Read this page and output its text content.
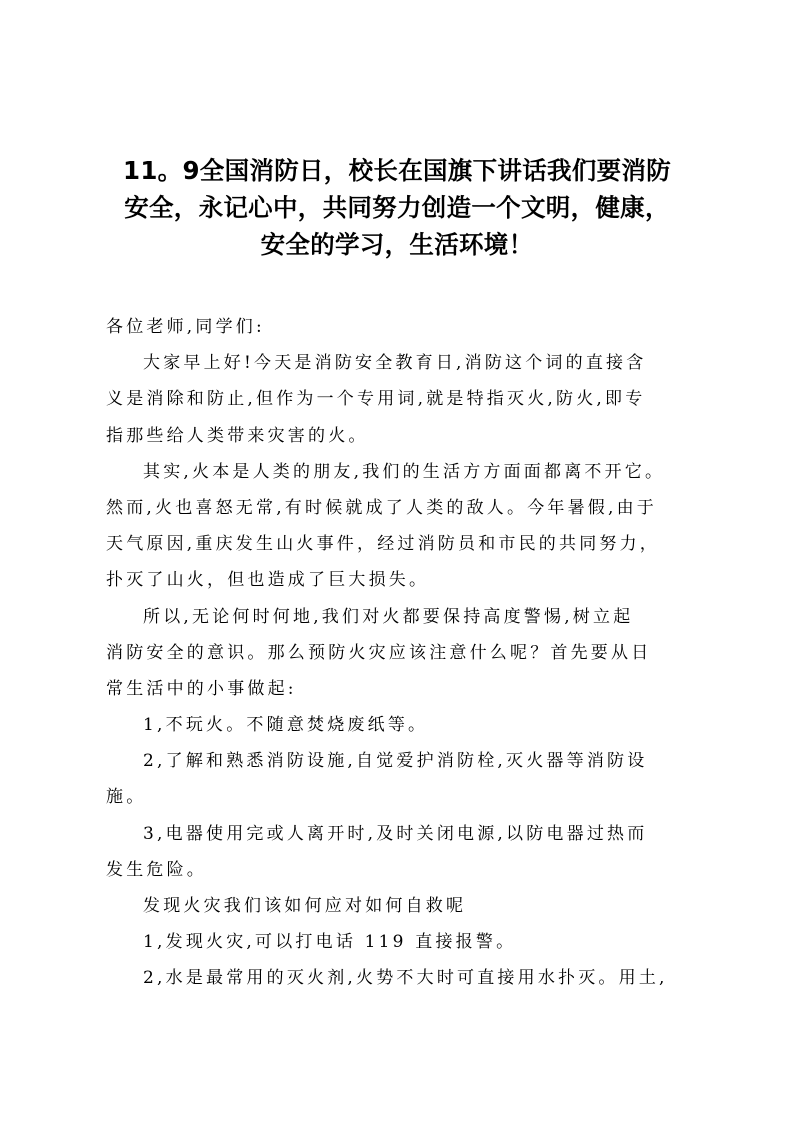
11。9全国消防日，校长在国旗下讲话我们要消防
安全，永记心中，共同努力创造一个文明，健康，
安全的学习，生活环境！
各位老师,同学们:
大家早上好!今天是消防安全教育日,消防这个词的直接含
义是消除和防止,但作为一个专用词,就是特指灭火,防火,即专
指那些给人类带来灾害的火。
其实,火本是人类的朋友,我们的生活方方面面都离不开它。
然而,火也喜怒无常,有时候就成了人类的敌人。今年暑假,由于
天气原因,重庆发生山火事件，经过消防员和市民的共同努力，
扑灭了山火，但也造成了巨大损失。
所以,无论何时何地,我们对火都要保持高度警惕,树立起
消防安全的意识。那么预防火灾应该注意什么呢？首先要从日
常生活中的小事做起:
1,不玩火。不随意焚烧废纸等。
2,了解和熟悉消防设施,自觉爱护消防栓,灭火器等消防设
施。
3,电器使用完或人离开时,及时关闭电源,以防电器过热而
发生危险。
发现火灾我们该如何应对如何自救呢
1,发现火灾,可以打电话 119 直接报警。
2,水是最常用的灭火剂,火势不大时可直接用水扑灭。用土,
